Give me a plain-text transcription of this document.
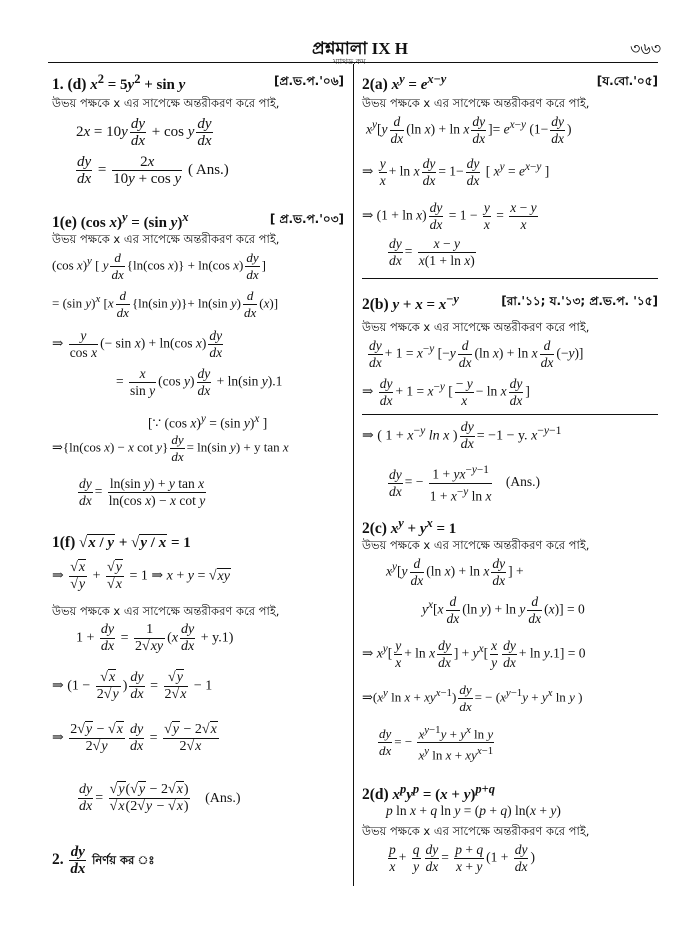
প্রশ্নমালা IX H
ম্যাথড.কম
৩৬৩
1. (d) $x^2 = 5y^2 + \sin y$	[প্র.ভ.প.'০৬]
উভয় পক্ষকে x এর সাপেক্ষে অন্তরীকরণ করে পাই,
$2x = 10y \frac{dy}{dx} + \cos y \frac{dy}{dx}$
$\frac{dy}{dx} = \frac{2x}{\text{10y + cos y}}$ ( Ans.)
1(e) (cos x)$^y$ = (sin y)$^x$	[ প্র.ভ.প.'০৩]
উভয় পক্ষকে x এর সাপেক্ষে অন্তরীকরণ করে পাই,
(cos x)$^y$ [ y $\frac{d}{dx} \{\ln(\cos$ x)} + ln(cos $x) \frac{dy}{dx}$ ]
= (sin y)$^x$ [$x \frac{d}{dx} \{\ln(\sin$ y)}+ ln(sin $y) \frac{d}{dx} (x)$]
⇒ $\frac{y}{\text{cos x}}$ (− sin x) + ln(cos $x) \frac{dy}{dx}$
= $\frac{x}{\text{sin y}} (\cos$ $y) \frac{dy}{dx} + \ln(\sin$ y).1
[∵ (cos x)$^y$ = (sin y)$^x$ ]
⇒{ln(cos x) − x $\cot y\} \frac{dy}{dx} = \ln(\sin$ y) + y tan x
$\frac{dy}{dx} = \frac{\text{ln(sin y) + y tan x}}{\text{ln(cos x) − x cot y}}$
1(f) √x / y + √y / x = 1
⇒ $\frac{√x}{√y} + \frac{√y}{√x} = 1$ ⇒ x + y = √xy
উভয় পক্ষকে x এর সাপেক্ষে অন্তরীকরণ করে পাই,
$1 + \frac{dy}{dx} = \frac{1}{2√xy} (x \frac{dy}{dx} + y.1)$
⇒ ($1 - \frac{√x}{2√y}$ ) $\frac{dy}{dx} = \frac{√y}{2√x} - 1$
⇒ $\frac{2√y - √x}{2√y} \frac{dy}{dx} = \frac{√y - 2√x}{2√x}$
$\frac{dy}{dx} = \frac{√y(√y - 2√x)}{√x(2√y - √x)} (Ans.)$
2. $\frac{dy}{dx}$ নির্ণয় কর ঃ
2(a) $x^y = e^{x-y}$	[য.বো.'০৫]
উভয় পক্ষকে x এর সাপেক্ষে অন্তরীকরণ করে পাই,
$x^y[y \frac{d}{dx} (\ln$ x) + ln x $\frac{dy}{dx}$ ]= $e^{x-y}$ ($1- \frac{dy}{dx}$ )
⇒ $\frac{y}{x} + \ln x \frac{dy}{dx} = 1- \frac{dy}{dx}$ [ $x^y = e^{x-y}$ ]
⇒ $(1 + \ln x) \frac{dy}{dx} = 1 - \frac{y}{x} = \frac{x - y}{x}$
$\frac{dy}{dx} = \frac{x - y}{\text{x(1 + ln x)}}$
2(b) $y + x = x^{-y}$	[রা.'১১; য.'১৩; প্র.ভ.প. '১৫]
উভয় পক্ষকে x এর সাপেক্ষে অন্তরীকরণ করে পাই,
$\frac{dy}{dx} + 1 = x^{-y}$ [$-y \frac{d}{dx} (\ln$ x) + ln x $\frac{d}{dx} (-y)$]
⇒ $\frac{dy}{dx} + 1 = x^{-y}$ [ $\frac{- y}{x} - \ln x \frac{dy}{dx}$ ]
⇒ ( $1 + x^{-y}$ ln x ) $\frac{dy}{dx} = -1 - y$. $x^{-y-1}$
$\frac{dy}{dx}$ = − $\frac{1 + yx^{-y-1}}{1 + x^{-y} \ln x} (Ans.)$
2(c) $x^y + y^x = 1$
উভয় পক্ষকে x এর সাপেক্ষে অন্তরীকরণ করে পাই,
$x^y[y \frac{d}{dx} (\ln$ x) + ln x $\frac{dy}{dx}$ ] +
$y^x[x \frac{d}{dx} (\ln$ y) + ln y $\frac{d}{dx} (x)] = 0$
⇒ $x^y[ \frac{y}{x} + \ln x \frac{dy}{dx}$ ] + $y^x[ \frac{x}{y} \frac{dy}{dx} + \ln y.1] = 0$
$\Rightarrow(x^y$ $\ln x + xy^{x-1}) \frac{dy}{dx}$ = − ($x^{y-1}y + y^x$ ln y )
$\frac{dy}{dx}$ = − $\frac{x^{y-1}y + y^x \ln y}{x^y \ln x + xy^{x-1}}$
2(d) $x^py^p = (x + y)^{p+q}$
p ln x + q ln y = (p + q) ln(x + y)
উভয় পক্ষকে x এর সাপেক্ষে অন্তরীকরণ করে পাই,
$\frac{p}{x} + \frac{q}{y} \frac{dy}{dx} = \frac{p + q}{x + y} (1 + \frac{dy}{dx}$ )
